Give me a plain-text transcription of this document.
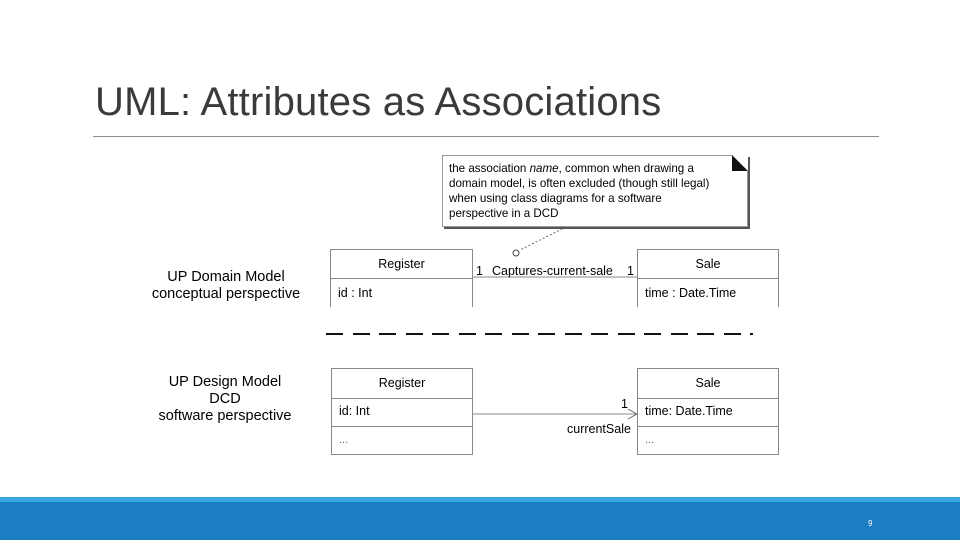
UML: Attributes as Associations
the association name, common when drawing a
domain model, is often excluded (though still legal)
when using class diagrams for a software
perspective in a DCD
UP Domain Model
conceptual perspective
Register
id : Int
Sale
time : Date.Time
1 Captures-current-sale 1
UP Design Model
DCD
software perspective
Register
id: Int
...
Sale
time: Date.Time
...
1
currentSale
9
